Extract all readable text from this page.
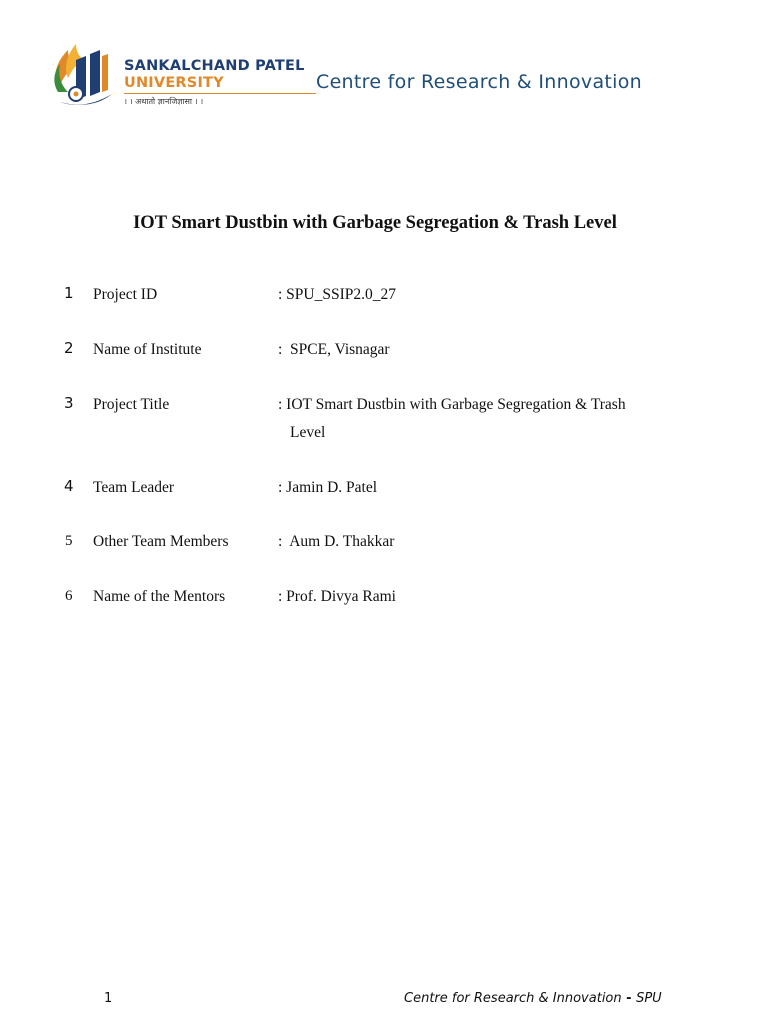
SANKALCHAND PATEL
UNIVERSITY
। । अथातो ज्ञानजिज्ञासा । ।
Centre for Research & Innovation
IOT Smart Dustbin with Garbage Segregation & Trash Level
1 Project ID	: SPU_SSIP2.0_27
2 Name of Institute	:  SPCE, Visnagar
3 Project Title	: IOT Smart Dustbin with Garbage Segregation & Trash
Level
4 Team Leader	: Jamin D. Patel
5 Other Team Members	:  Aum D. Thakkar
6 Name of the Mentors	: Prof. Divya Rami
1	Centre for Research & Innovation - SPU
